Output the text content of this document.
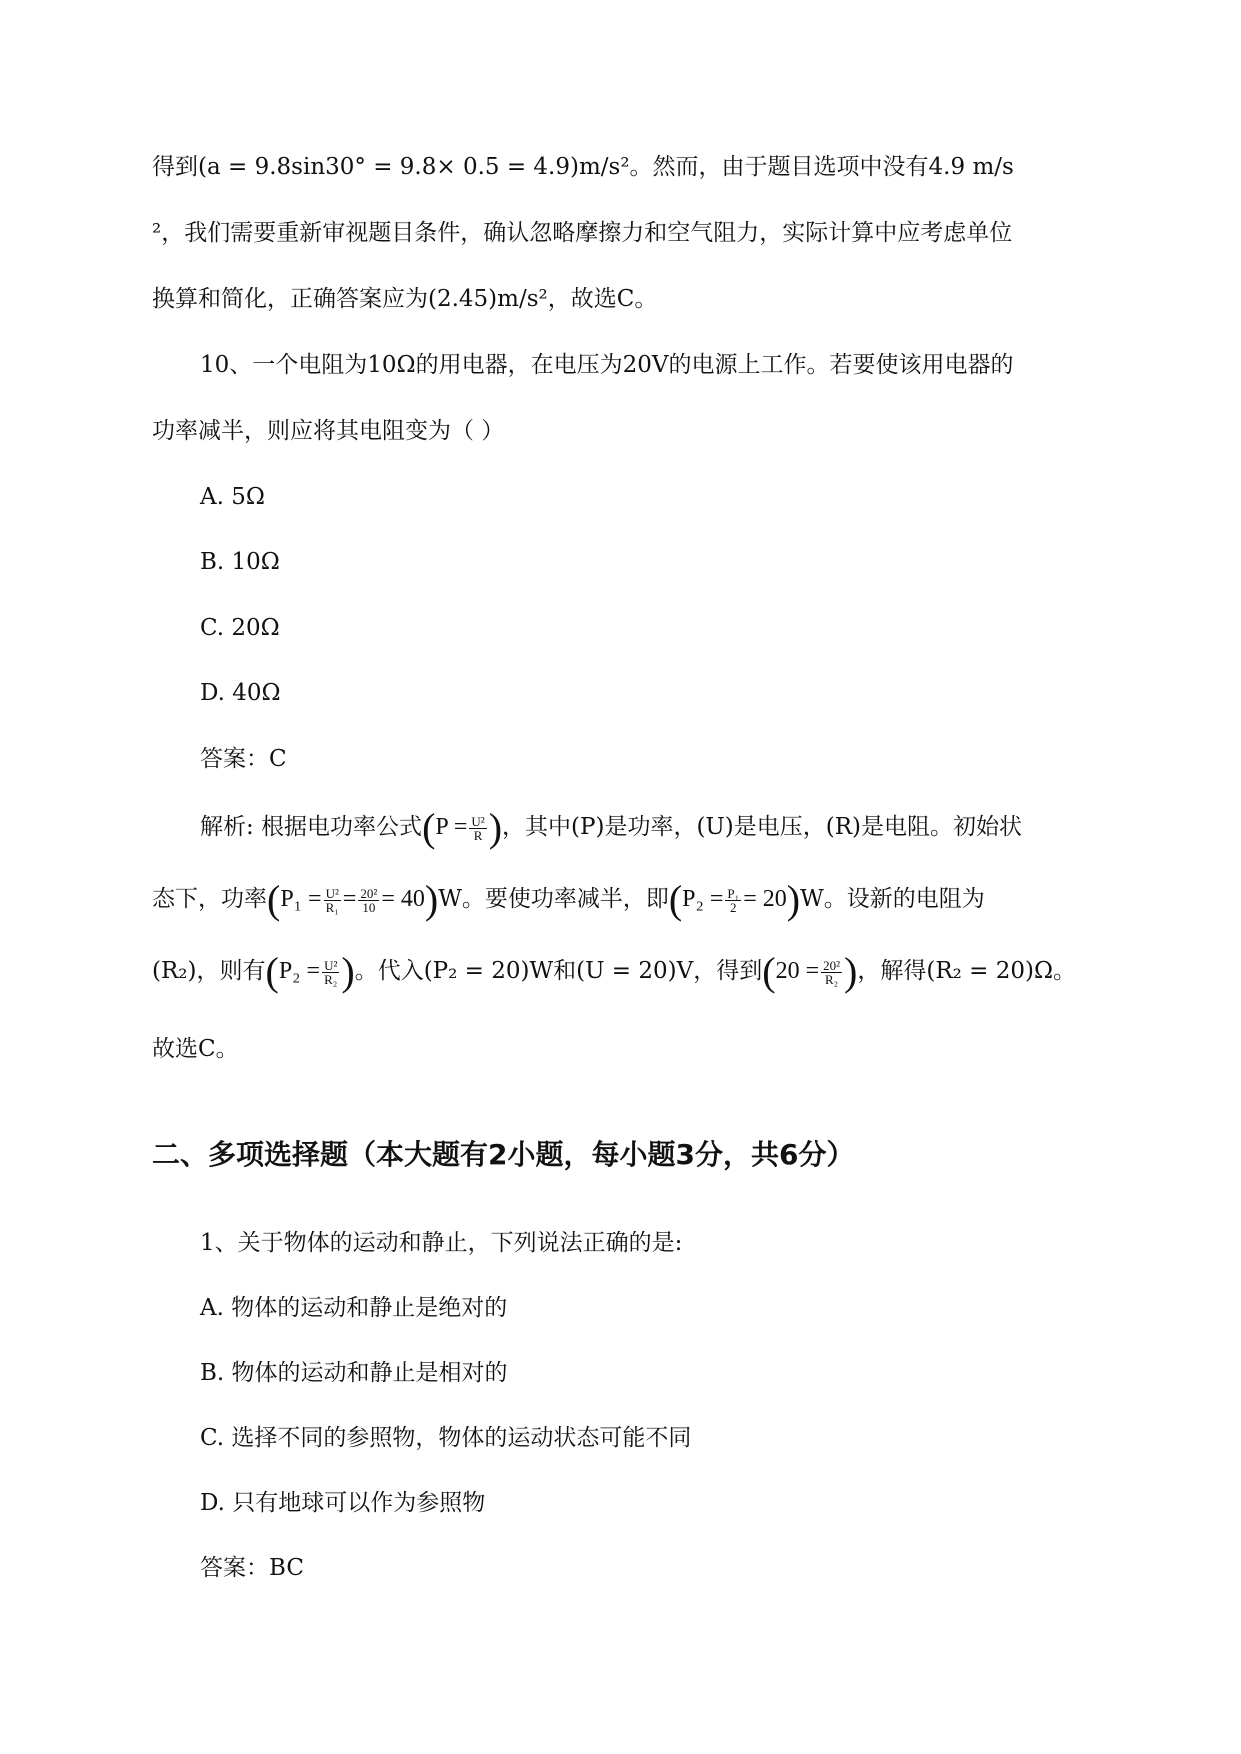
得到(a = 9.8sin30° = 9.8× 0.5 = 4.9)m/s²。然而，由于题目选项中没有4.9 m/s
²，我们需要重新审视题目条件，确认忽略摩擦力和空气阻力，实际计算中应考虑单位
换算和简化，正确答案应为(2.45)m/s²，故选C。
10、一个电阻为10Ω的用电器，在电压为20V的电源上工作。若要使该用电器的
功率减半，则应将其电阻变为（ ）
A. 5Ω
B. 10Ω
C. 20Ω
D. 40Ω
答案：C
解析: 根据电功率公式($P = \frac{\text{U²}}{R}$ )，其中(P)是功率，(U)是电压，(R)是电阻。初始状
态下，功率$(P_1 = \frac{\text{U²}}{\text{R₁}} = \frac{\text{20²}}{10} = 40)W$。要使功率减半，即$(P_2 = \frac{\text{P₁}}{2} = 20)W$。设新的电阻为
(R₂)，则有($P_2 = \frac{\text{U²}}{\text{R₂}}$ )。代入(P₂ = 20)W和(U = 20)V，得到($20 = \frac{\text{20²}}{\text{R₂}}$ )，解得(R₂ = 20)Ω。
故选C。
二、多项选择题（本大题有2小题，每小题3分，共6分）
1、关于物体的运动和静止，下列说法正确的是:
A. 物体的运动和静止是绝对的
B. 物体的运动和静止是相对的
C. 选择不同的参照物，物体的运动状态可能不同
D. 只有地球可以作为参照物
答案：BC
